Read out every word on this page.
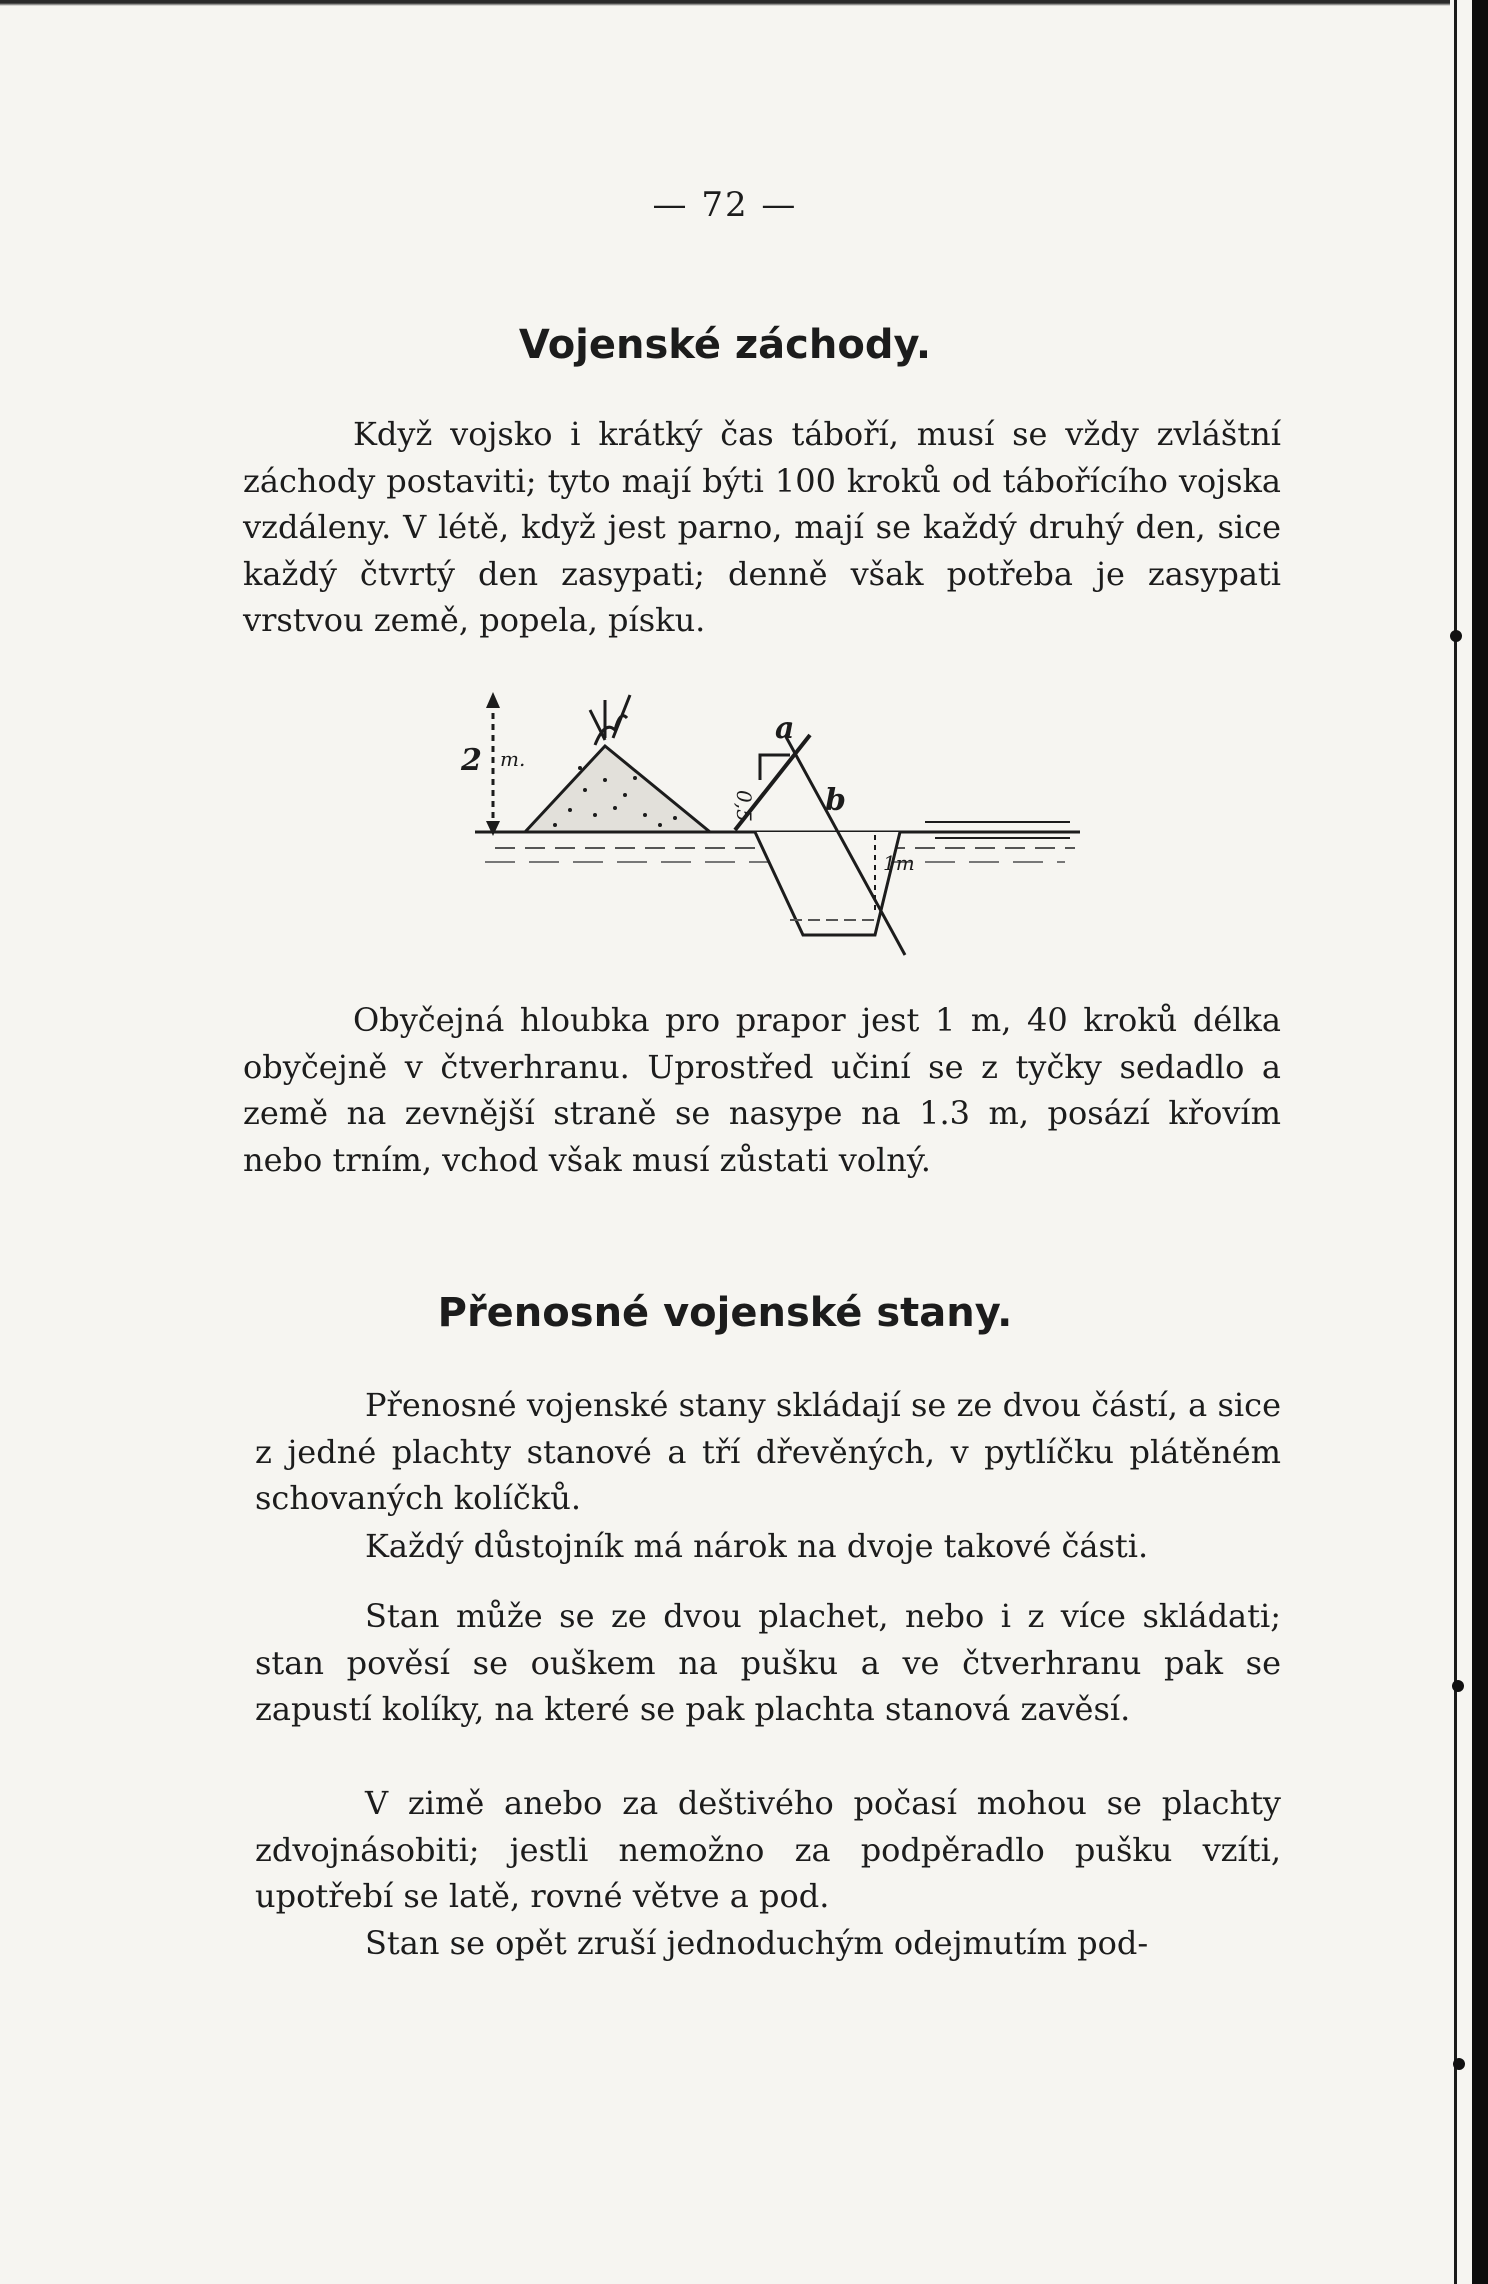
— 72 —
Vojenské záchody.

Když vojsko i krátký čas táboří, musí se vždy zvláštní záchody postaviti; tyto mají býti 100 kroků od tábořícího vojska vzdáleny. V létě, když jest parno, mají se každý druhý den, sice každý čtvrtý den zasypati; denně však potřeba je zasypati vrstvou země, popela, písku.

2 m.
a
b
0,5
1m

Obyčejná hloubka pro prapor jest 1 m, 40 kroků délka obyčejně v čtverhranu. Uprostřed učiní se z tyčky sedadlo a země na zevnější straně se nasype na 1.3 m, posází křovím nebo trním, vchod však musí zůstati volný.

Přenosné vojenské stany.

Přenosné vojenské stany skládají se ze dvou částí, a sice z jedné plachty stanové a tří dřevěných, v pytlíčku plátěném schovaných kolíčků.

Každý důstojník má nárok na dvoje takové části.

Stan může se ze dvou plachet, nebo i z více skládati; stan pověsí se ouškem na pušku a ve čtverhranu pak se zapustí kolíky, na které se pak plachta stanová zavěsí.

V zimě anebo za deštivého počasí mohou se plachty zdvojnásobiti; jestli nemožno za podpěradlo pušku vzíti, upotřebí se latě, rovné větve a pod.

Stan se opět zruší jednoduchým odejmutím pod-
